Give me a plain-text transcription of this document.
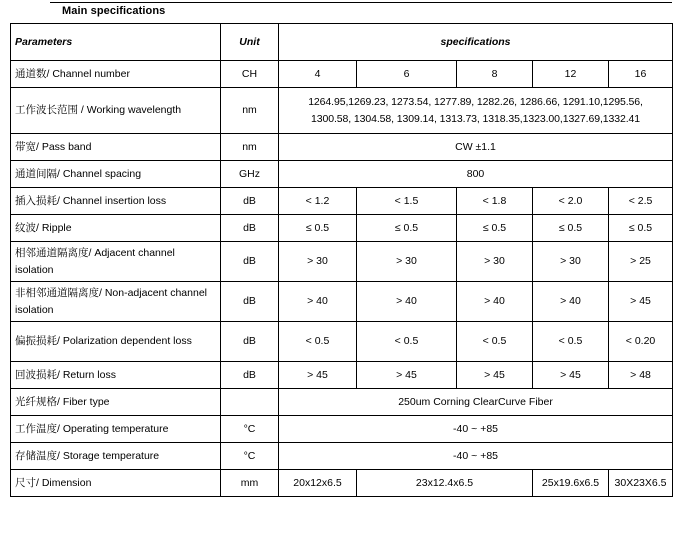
Main specifications
Parameters	Unit	specifications				
通道数/ Channel number	CH	4	6	8	12	16
工作波长范围 / Working wavelength	nm	1264.95,1269.23, 1273.54, 1277.89, 1282.26, 1286.66, 1291.10,1295.56,
1300.58, 1304.58, 1309.14, 1313.73, 1318.35,1323.00,1327.69,1332.41				

带宽/ Pass band	nm	CW ±1.1				
通道间隔/ Channel spacing	GHz	800				
插入损耗/ Channel insertion loss	dB	< 1.2	< 1.5	< 1.8	< 2.0	< 2.5
纹波/ Ripple	dB	≤ 0.5	≤ 0.5	≤ 0.5	≤ 0.5	≤ 0.5
相邻通道隔离度/ Adjacent channel isolation	dB	> 30	> 30	> 30	> 30	> 25
非相邻通道隔离度/ Non-adjacent channel isolation	dB	> 40	> 40	> 40	> 40	> 45
偏振损耗/ Polarization dependent loss	dB	< 0.5	< 0.5	< 0.5	< 0.5	< 0.20
回波损耗/ Return loss	dB	> 45	> 45	> 45	> 45	> 48
光纤规格/ Fiber type		250um Corning ClearCurve Fiber				
工作温度/ Operating temperature	°C	-40 ~ +85				
存储温度/ Storage temperature	°C	-40 ~ +85				
尺寸/ Dimension	mm	20x12x6.5	23x12.4x6.5		25x19.6x6.5	30X23X6.5
